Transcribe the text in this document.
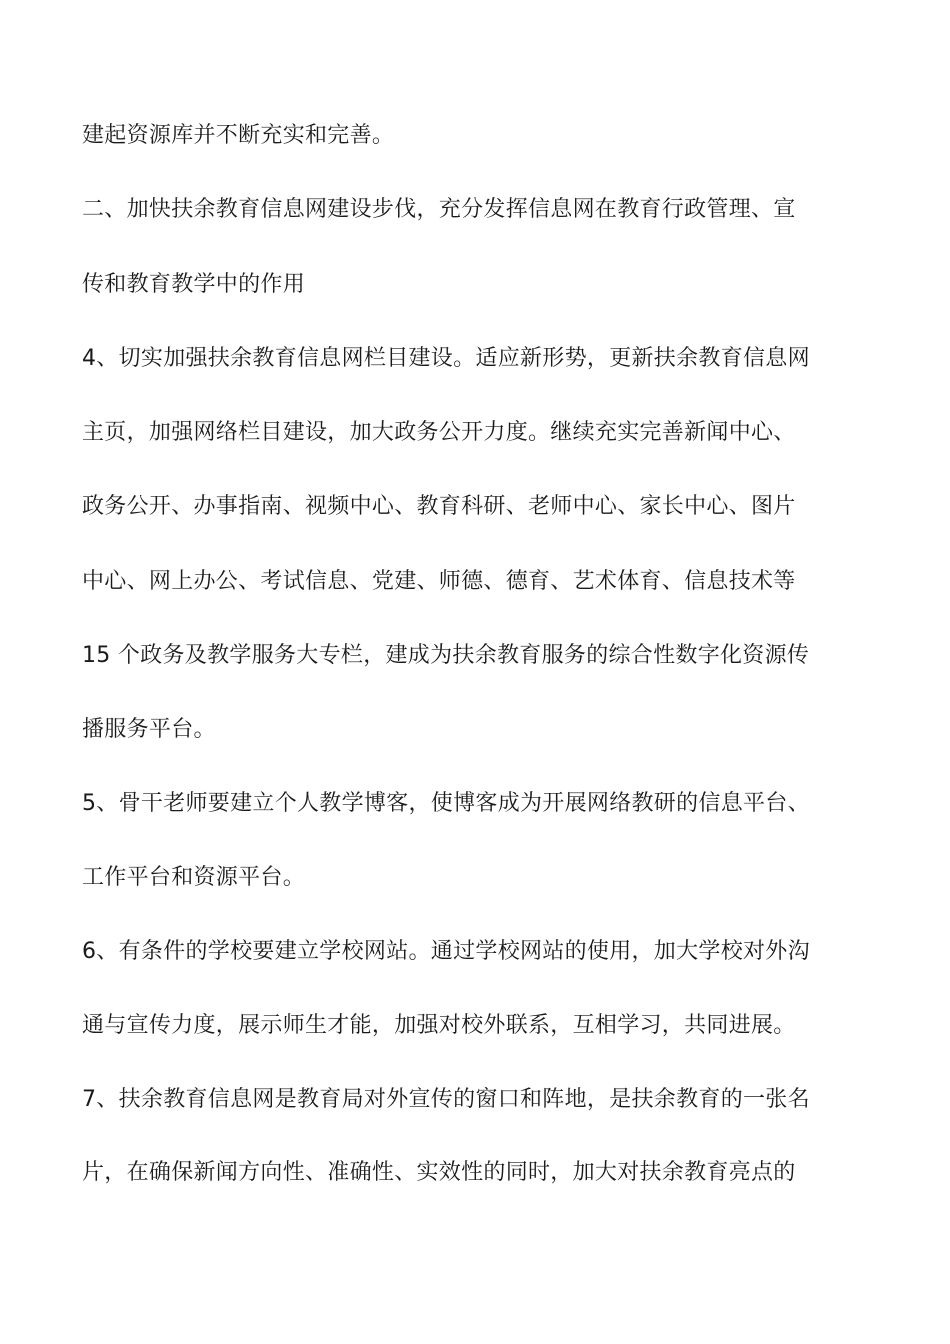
建起资源库并不断充实和完善。
二、加快扶余教育信息网建设步伐，充分发挥信息网在教育行政管理、宣
传和教育教学中的作用
4、切实加强扶余教育信息网栏目建设。适应新形势，更新扶余教育信息网
主页，加强网络栏目建设，加大政务公开力度。继续充实完善新闻中心、
政务公开、办事指南、视频中心、教育科研、老师中心、家长中心、图片
中心、网上办公、考试信息、党建、师德、德育、艺术体育、信息技术等
15 个政务及教学服务大专栏，建成为扶余教育服务的综合性数字化资源传
播服务平台。
5、骨干老师要建立个人教学博客，使博客成为开展网络教研的信息平台、
工作平台和资源平台。
6、有条件的学校要建立学校网站。通过学校网站的使用，加大学校对外沟
通与宣传力度，展示师生才能，加强对校外联系，互相学习，共同进展。
7、扶余教育信息网是教育局对外宣传的窗口和阵地，是扶余教育的一张名
片，在确保新闻方向性、准确性、实效性的同时，加大对扶余教育亮点的
